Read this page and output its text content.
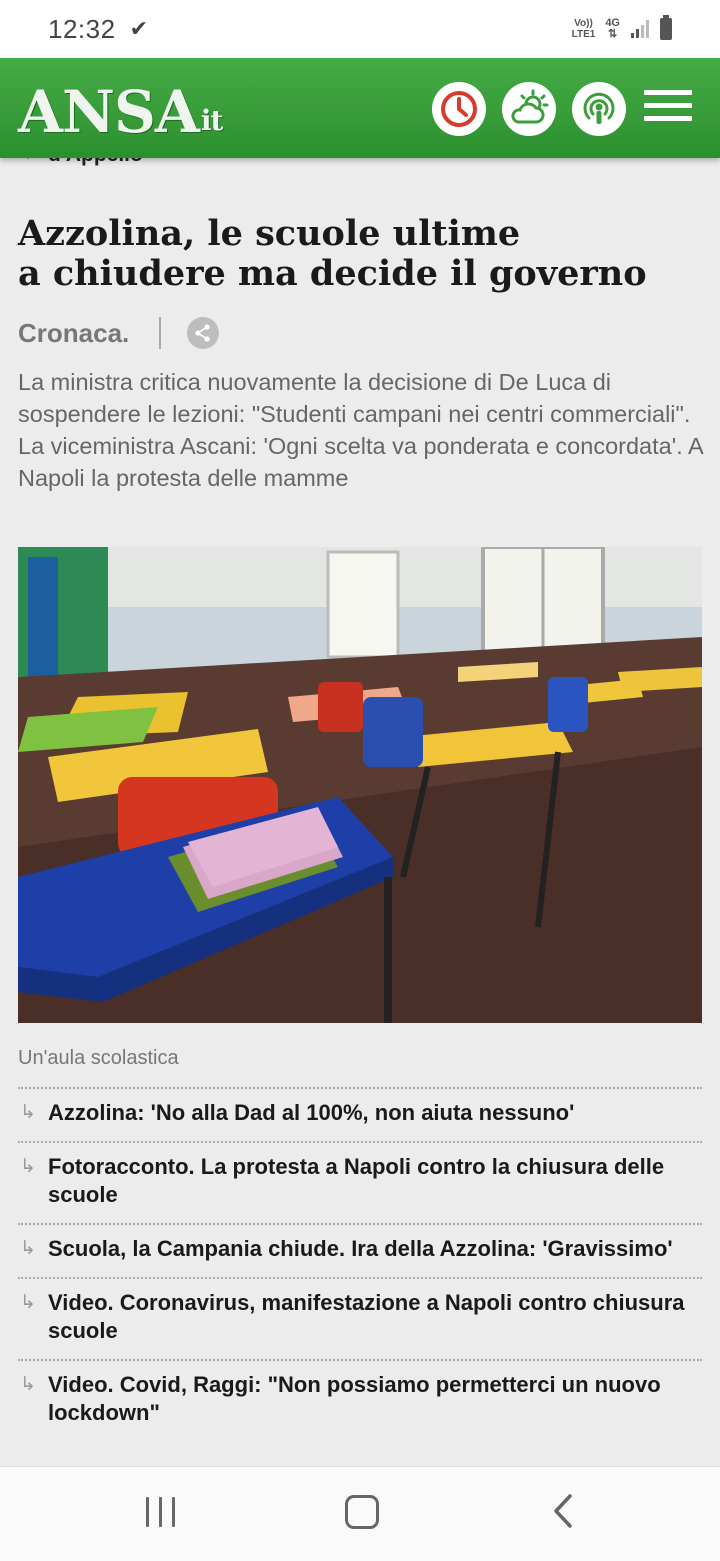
12:32 ✔	Vo))
LTE1
4G
⇅
ANSAit
Azzolina, le scuole ultime
a chiudere ma decide il governo
Cronaca.

La ministra critica nuovamente la decisione di De Luca di sospendere le lezioni: "Studenti campani nei centri commerciali". La viceministra Ascani: 'Ogni scelta va ponderata e concordata'. A Napoli la protesta delle mamme

Un'aula scolastica
↳ Azzolina: 'No alla Dad al 100%, non aiuta nessuno'
↳ Fotoracconto. La protesta a Napoli contro la chiusura delle scuole
↳ Scuola, la Campania chiude. Ira della Azzolina: 'Gravissimo'
↳ Video. Coronavirus, manifestazione a Napoli contro chiusura scuole
↳ Video. Covid, Raggi: "Non possiamo permetterci un nuovo lockdown"
